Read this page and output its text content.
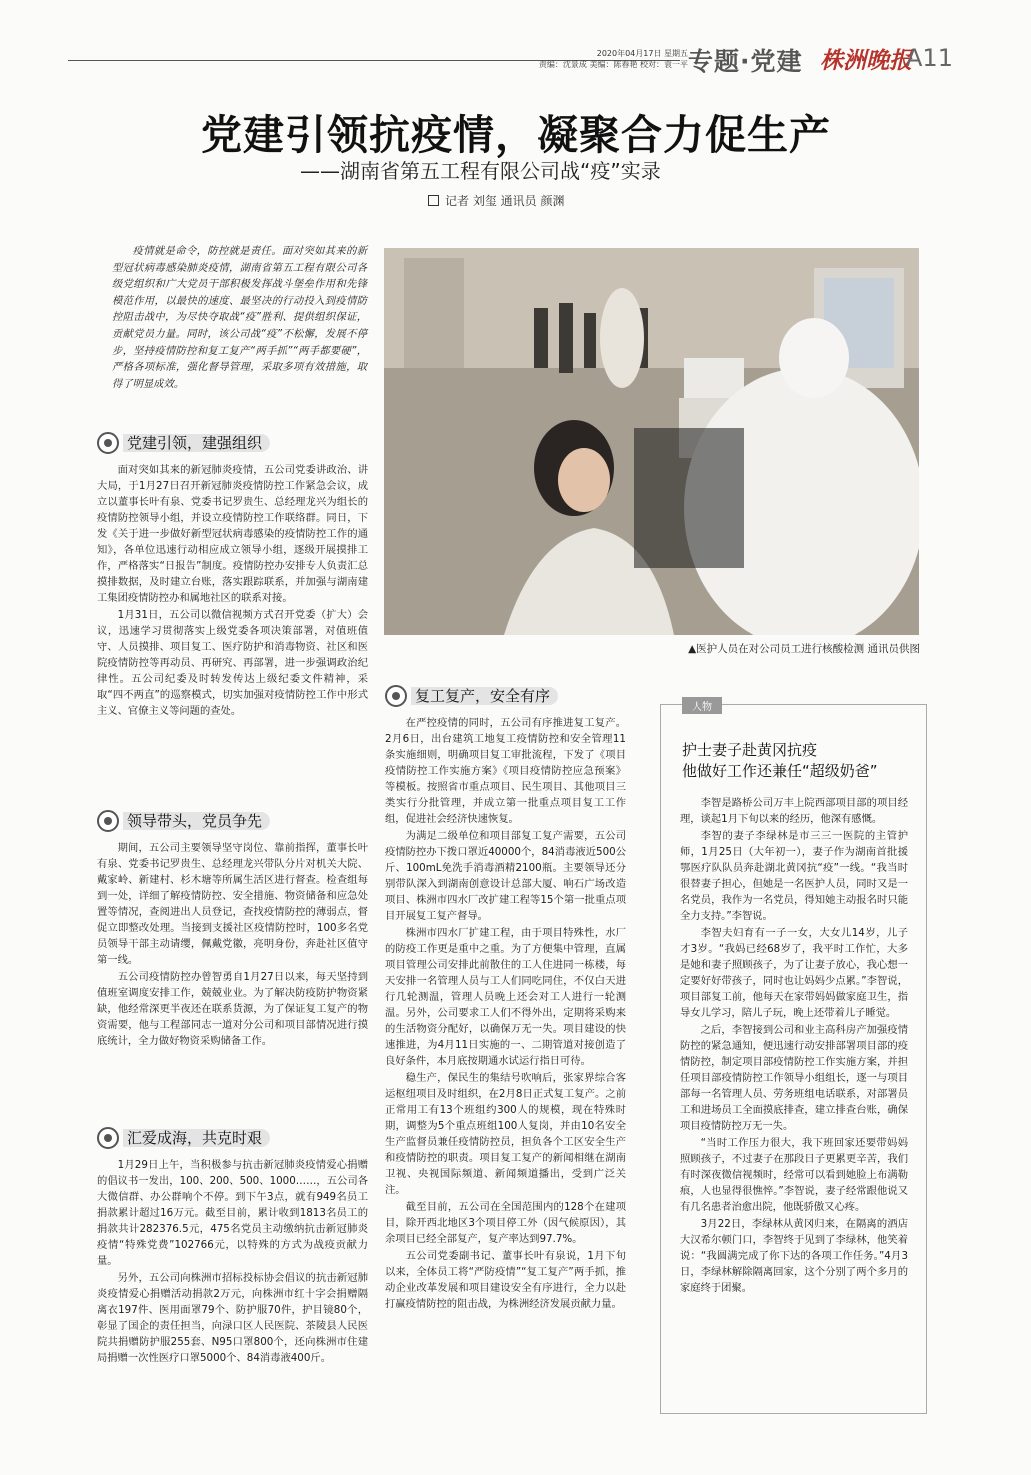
2020年04月17日 星期五
责编：沈景成 美编：陈春艳 校对：袁一平 专题·党建 株洲晚报
A11
党建引领抗疫情，凝聚合力促生产
——湖南省第五工程有限公司战“疫”实录
记者 刘玺 通讯员 颜渊
疫情就是命令，防控就是责任。面对突如其来的新型冠状病毒感染肺炎疫情，湖南省第五工程有限公司各级党组织和广大党员干部积极发挥战斗堡垒作用和先锋模范作用，以最快的速度、最坚决的行动投入到疫情防控阻击战中，为尽快夺取战“疫”胜利、提供组织保证，贡献党员力量。同时，该公司战“疫”不松懈，发展不停步，坚持疫情防控和复工复产“两手抓”“两手都要硬”，严格各项标准，强化督导管理，采取多项有效措施，取得了明显成效。
党建引领，建强组织

面对突如其来的新冠肺炎疫情，五公司党委讲政治、讲大局，于1月27日召开新冠肺炎疫情防控工作紧急会议，成立以董事长叶有泉、党委书记罗贵生、总经理龙兴为组长的疫情防控领导小组，并设立疫情防控工作联络群。同日，下发《关于进一步做好新型冠状病毒感染的疫情防控工作的通知》，各单位迅速行动相应成立领导小组，逐级开展摸排工作，严格落实“日报告”制度。疫情防控办安排专人负责汇总摸排数据，及时建立台账，落实跟踪联系，并加强与湖南建工集团疫情防控办和属地社区的联系对接。

1月31日，五公司以微信视频方式召开党委（扩大）会议，迅速学习贯彻落实上级党委各项决策部署，对值班值守、人员摸排、项目复工、医疗防护和消毒物资、社区和医院疫情防控等再动员、再研究、再部署，进一步强调政治纪律性。五公司纪委及时转发传达上级纪委文件精神，采取“四不两直”的巡察模式，切实加强对疫情防控工作中形式主义、官僚主义等问题的查处。

领导带头，党员争先

期间，五公司主要领导坚守岗位、靠前指挥，董事长叶有泉、党委书记罗贵生、总经理龙兴带队分片对机关大院、戴家岭、新建村、杉木塘等所属生活区进行督查。检查组每到一处，详细了解疫情防控、安全措施、物资储备和应急处置等情况，查阅进出人员登记，查找疫情防控的薄弱点，督促立即整改处理。当接到支援社区疫情防控时，100多名党员领导干部主动请缨，佩戴党徽，亮明身份，奔赴社区值守第一线。

五公司疫情防控办曾智勇自1月27日以来，每天坚持到值班室调度安排工作，兢兢业业。为了解决防疫防护物资紧缺，他经常深更半夜还在联系货源，为了保证复工复产的物资需要，他与工程部同志一道对分公司和项目部情况进行摸底统计，全力做好物资采购储备工作。

汇爱成海，共克时艰

1月29日上午，当积极参与抗击新冠肺炎疫情爱心捐赠的倡议书一发出，100、200、500、1000……，五公司各大微信群、办公群响个不停。到下午3点，就有949名员工捐款累计超过16万元。截至目前，累计收到1813名员工的捐款共计282376.5元，475名党员主动缴纳抗击新冠肺炎疫情“特殊党费”102766元，以特殊的方式为战疫贡献力量。

另外，五公司向株洲市招标投标协会倡议的抗击新冠肺炎疫情爱心捐赠活动捐款2万元，向株洲市红十字会捐赠隔离衣197件、医用面罩79个、防护服70件，护目镜80个，彰显了国企的责任担当，向渌口区人民医院、茶陵县人民医院共捐赠防护服255套、N95口罩800个，还向株洲市住建局捐赠一次性医疗口罩5000个、84消毒液400斤。

▲医护人员在对公司员工进行核酸检测 通讯员供图
复工复产，安全有序

在严控疫情的同时，五公司有序推进复工复产。2月6日，出台建筑工地复工疫情防控和安全管理11条实施细则，明确项目复工审批流程，下发了《项目疫情防控工作实施方案》《项目疫情防控应急预案》等模板。按照省市重点项目、民生项目、其他项目三类实行分批管理，并成立第一批重点项目复工工作组，促进社会经济快速恢复。

为满足二级单位和项目部复工复产需要，五公司疫情防控办下拨口罩近40000个，84消毒液近500公斤、100mL免洗手消毒酒精2100瓶。主要领导还分别带队深入到湖南创意设计总部大厦、响石广场改造项目、株洲市四水厂改扩建工程等15个第一批重点项目开展复工复产督导。

株洲市四水厂扩建工程，由于项目特殊性，水厂的防疫工作更是重中之重。为了方便集中管理，直属项目管理公司安排此前散住的工人住进同一栋楼，每天安排一名管理人员与工人们同吃同住，不仅白天进行几轮测温，管理人员晚上还会对工人进行一轮测温。另外，公司要求工人们不得外出，定期将采购来的生活物资分配好，以确保万无一失。项目建设的快速推进，为4月11日实施的一、二期管道对接创造了良好条件，本月底按期通水试运行指日可待。

稳生产，保民生的集结号吹响后，张家界综合客运枢纽项目及时组织，在2月8日正式复工复产。之前正常用工有13个班组约300人的规模，现在特殊时期，调整为5个重点班组100人复岗，并由10名安全生产监督员兼任疫情防控员，担负各个工区安全生产和疫情防控的职责。项目复工复产的新闻相继在湖南卫视、央视国际频道、新闻频道播出，受到广泛关注。

截至目前，五公司在全国范围内的128个在建项目，除开西北地区3个项目停工外（因气候原因），其余项目已经全部复产，复产率达到97.7%。

五公司党委副书记、董事长叶有泉说，1月下旬以来，全体员工将“严防疫情”“复工复产”两手抓，推动企业改革发展和项目建设安全有序进行，全力以赴打赢疫情防控的阻击战，为株洲经济发展贡献力量。

人物
护士妻子赴黄冈抗疫
他做好工作还兼任“超级奶爸”

李智是路桥公司万丰上院西部项目部的项目经理，谈起1月下旬以来的经历，他深有感慨。

李智的妻子李绿林是市三三一医院的主管护师，1月25日（大年初一），妻子作为湖南首批援鄂医疗队队员奔赴湖北黄冈抗“疫”一线。“我当时很替妻子担心，但她是一名医护人员，同时又是一名党员，我作为一名党员，得知她主动报名时只能全力支持。”李智说。

李智夫妇育有一子一女，大女儿14岁，儿子才3岁。“我妈已经68岁了，我平时工作忙，大多是她和妻子照顾孩子，为了让妻子放心，我心想一定要好好带孩子，同时也让妈妈少点累。”李智说，项目部复工前，他每天在家带妈妈做家庭卫生，指导女儿学习，陪儿子玩，晚上还带着儿子睡觉。

之后，李智接到公司和业主高科房产加强疫情防控的紧急通知，便迅速行动安排部署项目部的疫情防控，制定项目部疫情防控工作实施方案，并担任项目部疫情防控工作领导小组组长，逐一与项目部每一名管理人员、劳务班组电话联系，对部署员工和进场员工全面摸底排查，建立排查台账，确保项目疫情防控万无一失。

“当时工作压力很大，我下班回家还要带妈妈照顾孩子，不过妻子在那段日子更累更辛苦，我们有时深夜微信视频时，经常可以看到她脸上布满勒痕，人也显得很憔悴。”李智说，妻子经常跟他说又有几名患者治愈出院，他既骄傲又心疼。

3月22日，李绿林从黄冈归来，在隔离的酒店大汉希尔顿门口，李智终于见到了李绿林，他笑着说：“我圆满完成了你下达的各项工作任务。”4月3日，李绿林解除隔离回家，这个分别了两个多月的家庭终于团聚。
